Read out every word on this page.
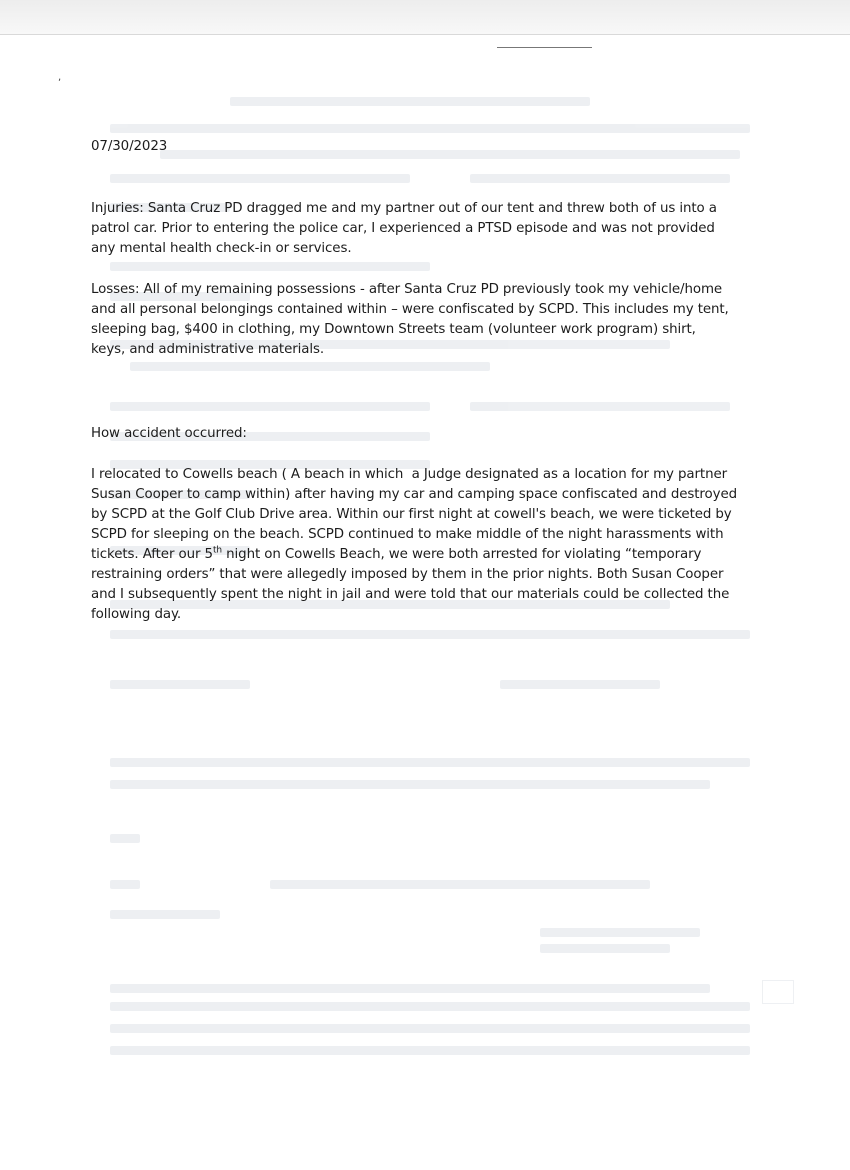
,

07/30/2023

Injuries: Santa Cruz PD dragged me and my partner out of our tent and threw both of us into a

patrol car. Prior to entering the police car, I experienced a PTSD episode and was not provided

any mental health check-in or services.

Losses: All of my remaining possessions - after Santa Cruz PD previously took my vehicle/home

and all personal belongings contained within – were confiscated by SCPD. This includes my tent,

sleeping bag, $400 in clothing, my Downtown Streets team (volunteer work program) shirt,

keys, and administrative materials.

How accident occurred:

I relocated to Cowells beach ( A beach in which  a Judge designated as a location for my partner

Susan Cooper to camp within) after having my car and camping space confiscated and destroyed

by SCPD at the Golf Club Drive area. Within our first night at cowell's beach, we were ticketed by

SCPD for sleeping on the beach. SCPD continued to make middle of the night harassments with

tickets. After our 5th night on Cowells Beach, we were both arrested for violating “temporary

restraining orders” that were allegedly imposed by them in the prior nights. Both Susan Cooper

and I subsequently spent the night in jail and were told that our materials could be collected the

following day.
